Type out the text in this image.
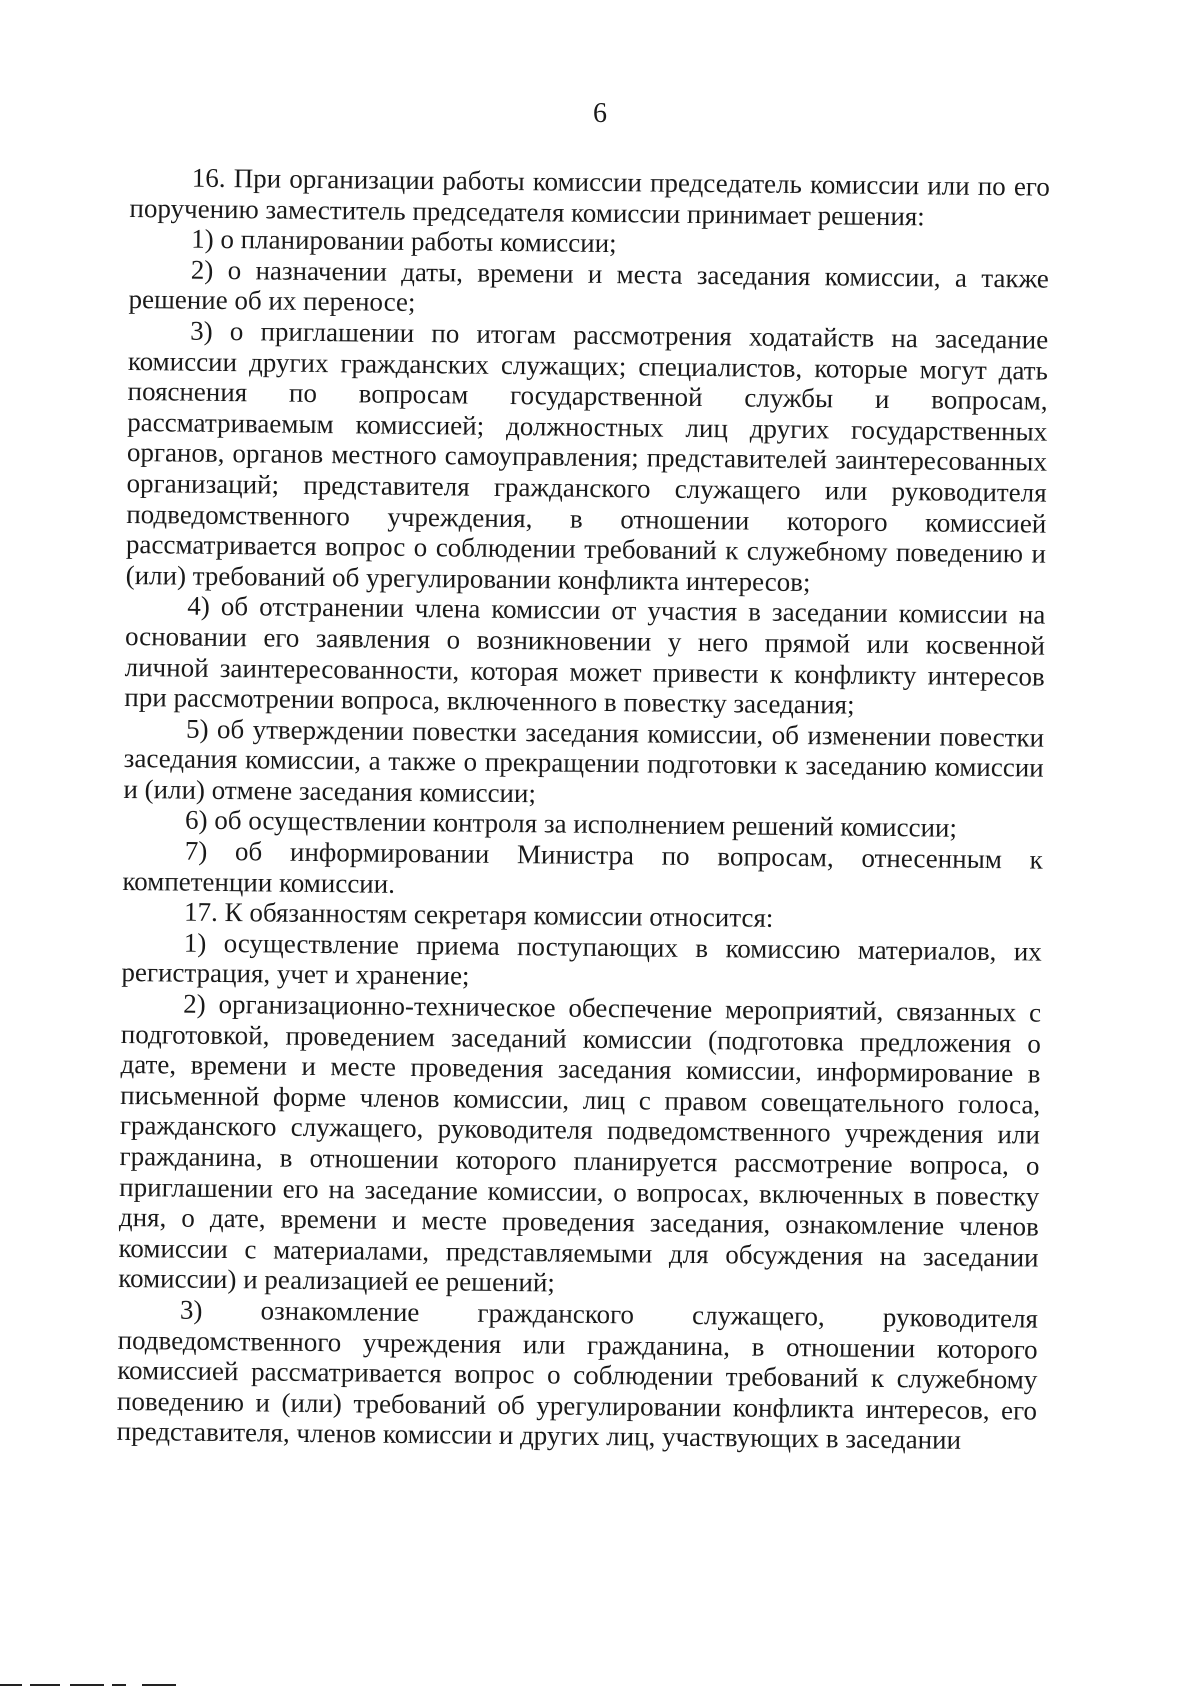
6

16. При организации работы комиссии председатель комиссии или по его поручению заместитель председателя комиссии принимает решения:

1) о планировании работы комиссии;

2) о назначении даты, времени и места заседания комиссии, а также решение об их переносе;

3) о приглашении по итогам рассмотрения ходатайств на заседание комиссии других гражданских служащих; специалистов, которые могут дать пояснения по вопросам государственной службы и вопросам, рассматриваемым комиссией; должностных лиц других государственных органов, органов местного самоуправления; представителей заинтересованных организаций; представителя гражданского служащего или руководителя подведомственного учреждения, в отношении которого комиссией рассматривается вопрос о соблюдении требований к служебному поведению и (или) требований об урегулировании конфликта интересов;

4) об отстранении члена комиссии от участия в заседании комиссии на основании его заявления о возникновении у него прямой или косвенной личной заинтересованности, которая может привести к конфликту интересов при рассмотрении вопроса, включенного в повестку заседания;

5) об утверждении повестки заседания комиссии, об изменении повестки заседания комиссии, а также о прекращении подготовки к заседанию комиссии и (или) отмене заседания комиссии;

6) об осуществлении контроля за исполнением решений комиссии;

7) об информировании Министра по вопросам, отнесенным к компетенции комиссии.

17. К обязанностям секретаря комиссии относится:

1) осуществление приема поступающих в комиссию материалов, их регистрация, учет и хранение;

2) организационно-техническое обеспечение мероприятий, связанных с подготовкой, проведением заседаний комиссии (подготовка предложения о дате, времени и месте проведения заседания комиссии, информирование в письменной форме членов комиссии, лиц с правом совещательного голоса, гражданского служащего, руководителя подведомственного учреждения или гражданина, в отношении которого планируется рассмотрение вопроса, о приглашении его на заседание комиссии, о вопросах, включенных в повестку дня, о дате, времени и месте проведения заседания, ознакомление членов комиссии с материалами, представляемыми для обсуждения на заседании комиссии) и реализацией ее решений;

3) ознакомление гражданского служащего, руководителя подведомственного учреждения или гражданина, в отношении которого комиссией рассматривается вопрос о соблюдении требований к служебному поведению и (или) требований об урегулировании конфликта интересов, его представителя, членов комиссии и других лиц, участвующих в заседании
